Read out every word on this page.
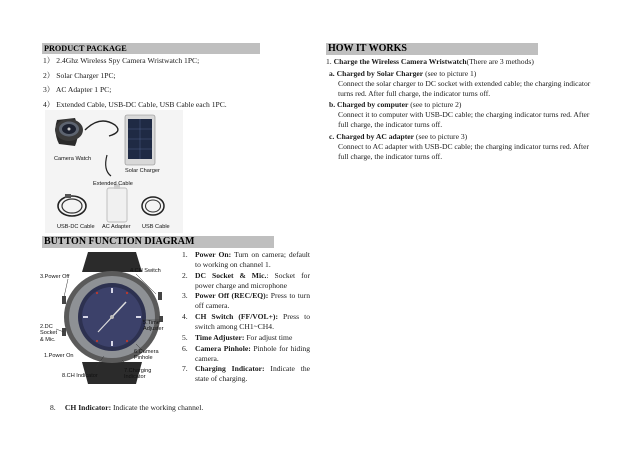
PRODUCT PACKAGE
1） 2.4Ghz Wireless Spy Camera Wristwatch 1PC;
2） Solar Charger 1PC;
3） AC Adapter 1 PC;
4） Extended Cable, USB-DC Cable, USB Cable each 1PC.
Camera Watch
Solar Charger
Extended Cable
USB-DC Cable AC Adapter USB Cable
HOW IT WORKS
1. Charge the Wireless Camera Wristwatch(There are 3 methods)
a. Charged by Solar Charger (see to picture 1)
Connect the solar charger to DC socket with extended cable; the charging indicator turns red. After full charge, the indicator turns off.
b. Charged by computer (see to picture 2)
Connect it to computer with USB-DC cable; the charging indicator turns red. After full charge, the indicator turns off.
c. Charged by AC adapter (see to picture 3)
Connect to AC adapter with USB-DC cable; the charging indicator turns red. After full charge, the indicator turns off.
BUTTON FUNCTION DIAGRAM
3.Power Off
4.CH Switch
2.DC
Socket
& Mic.
5.Time
Adjuster
1.Power On
6.Camera
Pinhole
8.CH Indicator
7.Charging
Indicator
1. Power On: Turn on camera; default to working on channel 1.
2. DC Socket & Mic.: Socket for power charge and microphone
3. Power Off (REC/EQ): Press to turn off camera.
4. CH Switch (FF/VOL+): Press to switch among CH1~CH4.
5. Time Adjuster: For adjust time
6. Camera Pinhole: Pinhole for hiding camera.
7. Charging Indicator: Indicate the state of charging.
8. CH Indicator: Indicate the working channel.
